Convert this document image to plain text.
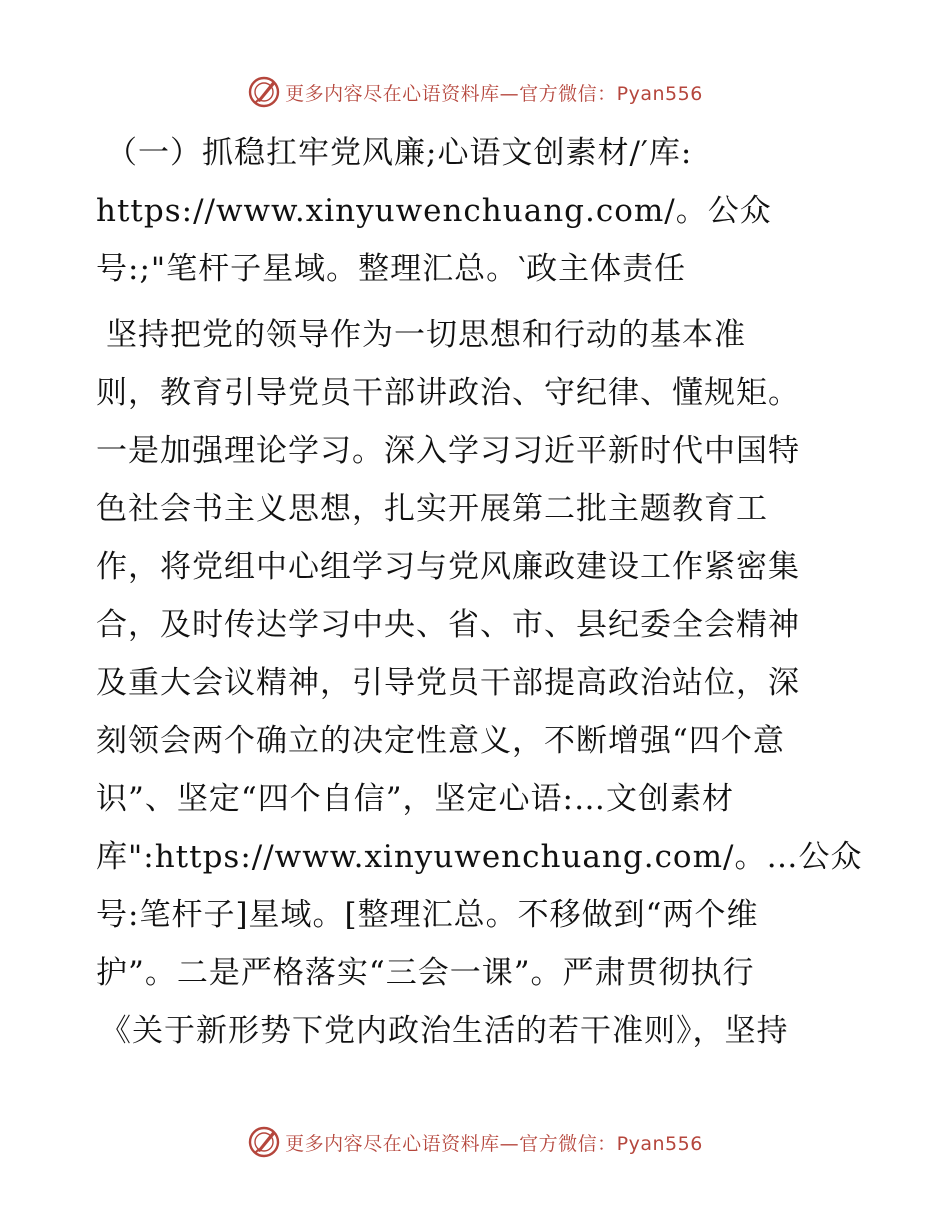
更多内容尽在心语资料库—官方微信：Pyan556
（一）抓稳扛牢党风廉;心语文创素材/′库:
https://www.xinyuwenchuang.com/。公众
号:;"笔杆子星域。整理汇总。‵政主体责任
坚持把党的领导作为一切思想和行动的基本准
则，教育引导党员干部讲政治、守纪律、懂规矩。
一是加强理论学习。深入学习习近平新时代中国特
色社会书主义思想，扎实开展第二批主题教育工
作，将党组中心组学习与党风廉政建设工作紧密集
合，及时传达学习中央、省、市、县纪委全会精神
及重大会议精神，引导党员干部提高政治站位，深
刻领会两个确立的决定性意义，不断增强“四个意
识”、坚定“四个自信”，坚定心语:…文创素材
库":https://www.xinyuwenchuang.com/。…公众
号:笔杆子]星域。[整理汇总。不移做到“两个维
护”。二是严格落实“三会一课”。严肃贯彻执行
《关于新形势下党内政治生活的若干准则》，坚持
更多内容尽在心语资料库—官方微信：Pyan556
